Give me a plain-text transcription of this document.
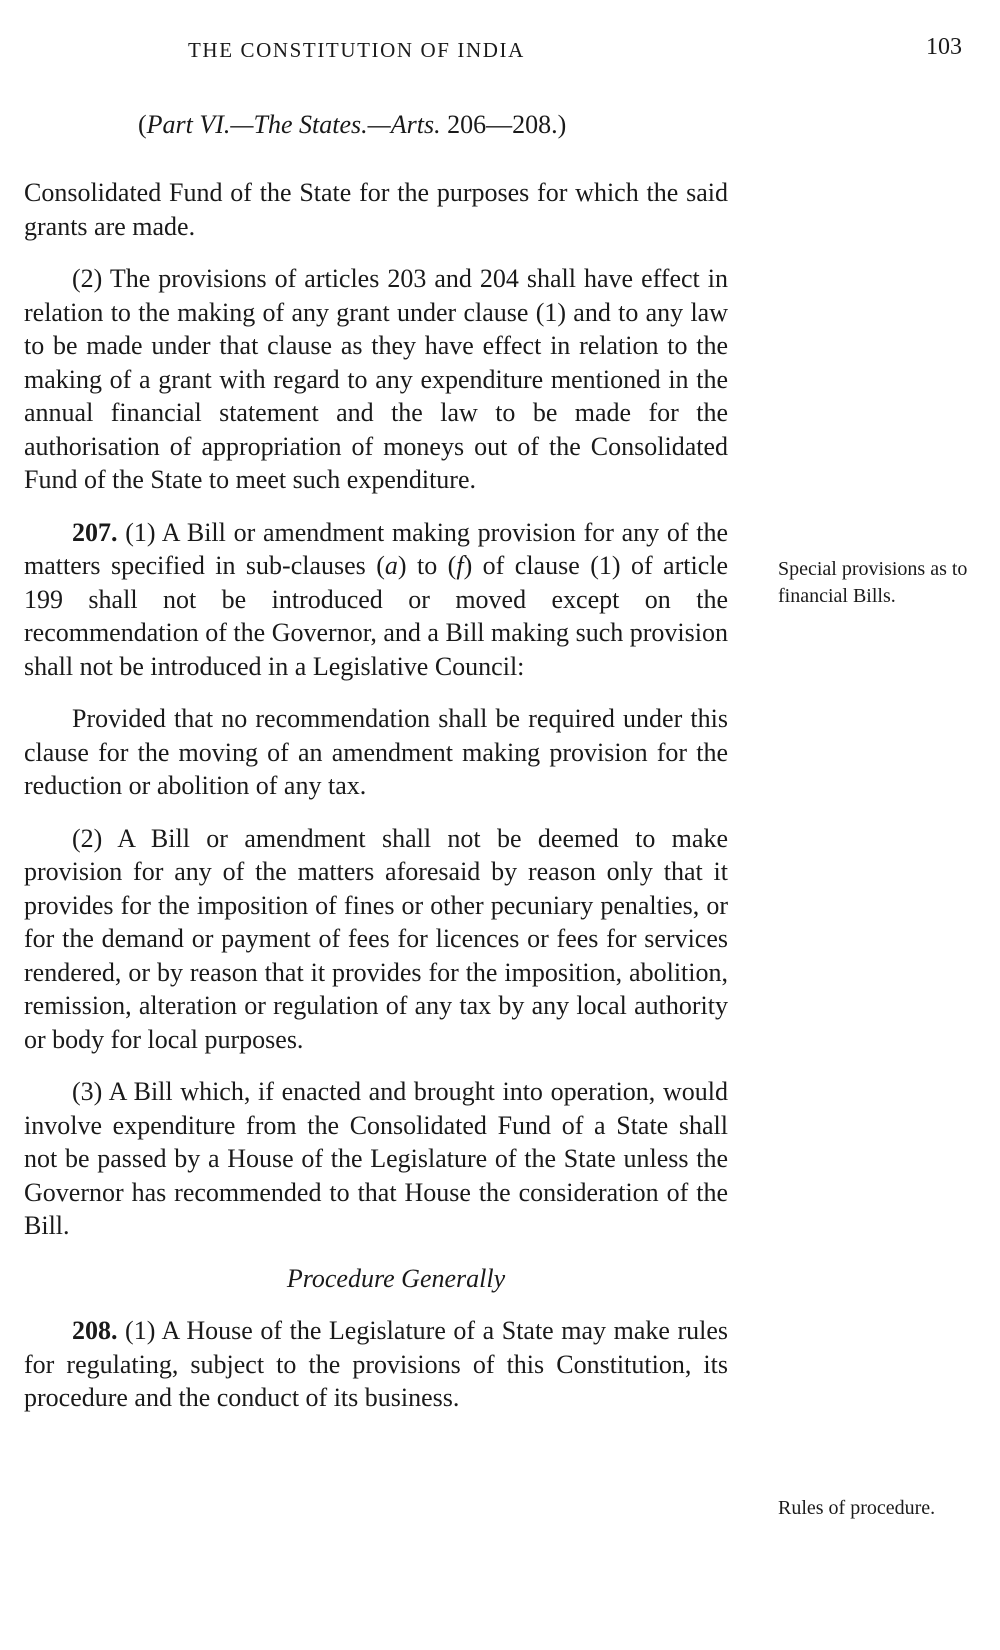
THE CONSTITUTION OF INDIA	103
(Part VI.—The States.—Arts. 206—208.)

Consolidated Fund of the State for the purposes for which the said grants are made.

(2) The provisions of articles 203 and 204 shall have effect in relation to the making of any grant under clause (1) and to any law to be made under that clause as they have effect in relation to the making of a grant with regard to any expenditure mentioned in the annual financial statement and the law to be made for the authorisation of appropriation of moneys out of the Consolidated Fund of the State to meet such expenditure.

207. (1) A Bill or amendment making provision for any of the matters specified in sub-clauses (a) to (f) of clause (1) of article 199 shall not be introduced or moved except on the recommendation of the Governor, and a Bill making such provision shall not be introduced in a Legislative Council:

Provided that no recommendation shall be required under this clause for the moving of an amendment making provision for the reduction or abolition of any tax.

(2) A Bill or amendment shall not be deemed to make provision for any of the matters aforesaid by reason only that it provides for the imposition of fines or other pecuniary penalties, or for the demand or payment of fees for licences or fees for services rendered, or by reason that it provides for the imposition, abolition, remission, alteration or regulation of any tax by any local authority or body for local purposes.

(3) A Bill which, if enacted and brought into operation, would involve expenditure from the Consolidated Fund of a State shall not be passed by a House of the Legislature of the State unless the Governor has recommended to that House the consideration of the Bill.

Procedure Generally

208. (1) A House of the Legislature of a State may make rules for regulating, subject to the provisions of this Constitution, its procedure and the conduct of its business.

Special provisions as to financial Bills.
Rules of procedure.
